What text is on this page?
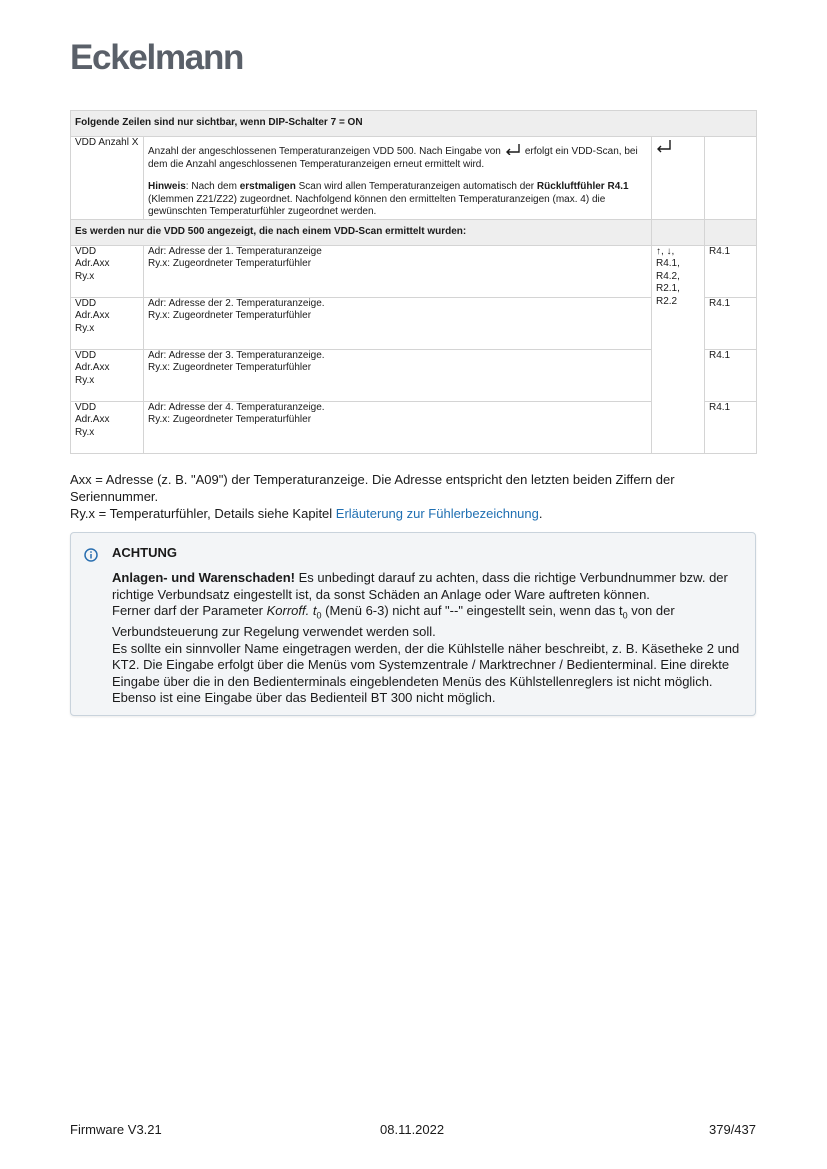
Eckelmann
Folgende Zeilen sind nur sichtbar, wenn DIP-Schalter 7 = ON			
VDD Anzahl X	Anzahl der angeschlossenen Temperaturanzeigen VDD 500. Nach Eingabe von erfolgt ein VDD-Scan, bei dem die Anzahl angeschlossenen Temperaturanzeigen erneut ermittelt wird.

Hinweis: Nach dem erstmaligen Scan wird allen Temperaturanzeigen automatisch der Rückluftfühler R4.1 (Klemmen Z21/Z22) zugeordnet. Nachfolgend können den ermittelten Temperaturanzeigen (max. 4) die gewünschten Temperaturfühler zugeordnet werden.

Es werden nur die VDD 500 angezeigt, die nach einem VDD-Scan ermittelt wurden:			
VDD
Adr.Axx
Ry.x	Adr: Adresse der 1. Temperaturanzeige
Ry.x: Zugeordneter Temperaturfühler	↑, ↓,
R4.1,
R4.2,
R2.1,
R2.2	R4.1
VDD
Adr.Axx
Ry.x	Adr: Adresse der 2. Temperaturanzeige.
Ry.x: Zugeordneter Temperaturfühler		R4.1
VDD
Adr.Axx
Ry.x	Adr: Adresse der 3. Temperaturanzeige.
Ry.x: Zugeordneter Temperaturfühler		R4.1
VDD
Adr.Axx
Ry.x	Adr: Adresse der 4. Temperaturanzeige.
Ry.x: Zugeordneter Temperaturfühler		R4.1

Axx = Adresse (z. B. "A09") der Temperaturanzeige. Die Adresse entspricht den letzten beiden Ziffern der Seriennummer.

Ry.x = Temperaturfühler, Details siehe Kapitel Erläuterung zur Fühlerbezeichnung.

ACHTUNG

Anlagen- und Warenschaden! Es unbedingt darauf zu achten, dass die richtige Verbundnummer bzw. der richtige Verbundsatz eingestellt ist, da sonst Schäden an Anlage oder Ware auftreten können.

Ferner darf der Parameter Korroff. $t_0$ (Menü 6-3) nicht auf "--" eingestellt sein, wenn das $t_0$ von der Verbundsteuerung zur Regelung verwendet werden soll.

Es sollte ein sinnvoller Name eingetragen werden, der die Kühlstelle näher beschreibt, z. B. Käsetheke 2 und KT2. Die Eingabe erfolgt über die Menüs vom Systemzentrale / Marktrechner / Bedienterminal. Eine direkte Eingabe über die in den Bedienterminals eingeblendeten Menüs des Kühlstellenreglers ist nicht möglich. Ebenso ist eine Eingabe über das Bedienteil BT 300 nicht möglich.

Firmware V3.21	08.11.2022	379/437
